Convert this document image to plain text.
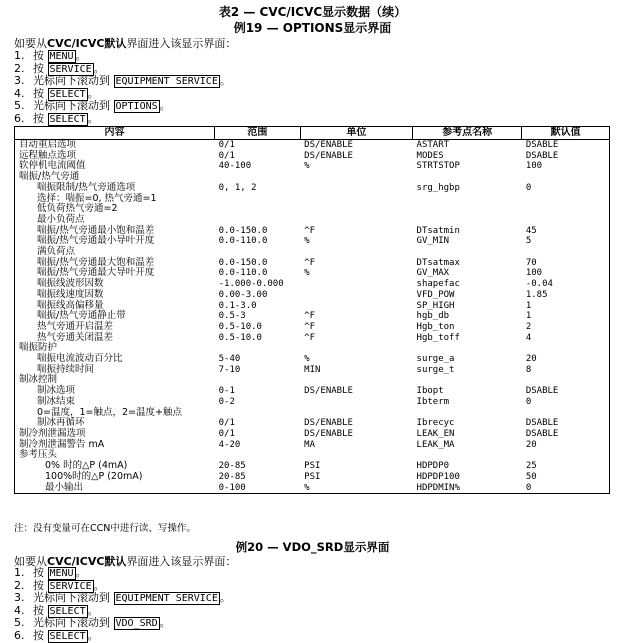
表2 — CVC/ICVC显示数据（续）
例19 — OPTIONS显示界面
如要从CVC/ICVC默认界面进入该显示界面：
1. 按 MENU 。
2. 按 SERVICE 。
3. 光标向下滚动到 EQUIPMENT SERVICE 。
4. 按 SELECT 。
5. 光标向下滚动到 OPTIONS 。
6. 按 SELECT 。
内容	范围	单位	参考点名称	默认值
自动重启选项	0/1	DS/ENABLE	ASTART	DSABLE
远程触点选项	0/1	DS/ENABLE	MODES	DSABLE
软停机电流阈值	40-100	%	STRTSTOP	100
喘振/热气旁通				
喘振限制/热气旁通选项	0, 1, 2		srg_hgbp	0
选择：喘振=0, 热气旁通=1				
低负荷热气旁通=2				
最小负荷点				
喘振/热气旁通最小饱和温差	0.0-150.0	^F	DTsatmin	45
喘振/热气旁通最小导叶开度	0.0-110.0	%	GV_MIN	5
满负荷点				
喘振/热气旁通最大饱和温差	0.0-150.0	^F	DTsatmax	70
喘振/热气旁通最大导叶开度	0.0-110.0	%	GV_MAX	100
喘振线波形因数	-1.000-0.000		shapefac	-0.04
喘振线速度因数	0.00-3.00		VFD_POW	1.85
喘振线高偏移量	0.1-3.0		SP_HIGH	1
喘振/热气旁通静止带	0.5-3	^F	hgb_db	1
热气旁通开启温差	0.5-10.0	^F	Hgb_ton	2
热气旁通关闭温差	0.5-10.0	^F	Hgb_toff	4
喘振防护				
喘振电流波动百分比	5-40	%	surge_a	20
喘振持续时间	7-10	MIN	surge_t	8
制冰控制				
制冰选项	0-1	DS/ENABLE	Ibopt	DSABLE
制冰结束	0-2		Ibterm	0
0=温度，1=触点，2=温度+触点				
制冰再循环	0/1	DS/ENABLE	Ibrecyc	DSABLE
制冷剂泄漏选项	0/1	DS/ENABLE	LEAK_EN	DSABLE
制冷剂泄漏警告 mA	4-20	MA	LEAK_MA	20
参考压头				
0% 时的△P (4mA)	20-85	PSI	HDPDP0	25
100%时的△P (20mA)	20-85	PSI	HDPDP100	50
最小输出	0-100	%	HDPDMIN%	0
注：没有变量可在CCN中进行读、写操作。
例20 — VDO_SRD显示界面
如要从CVC/ICVC默认界面进入该显示界面：
1. 按 MENU 。
2. 按 SERVICE 。
3. 光标向下滚动到 EQUIPMENT SERVICE 。
4. 按 SELECT 。
5. 光标向下滚动到 VDO_SRD 。
6. 按 SELECT 。
